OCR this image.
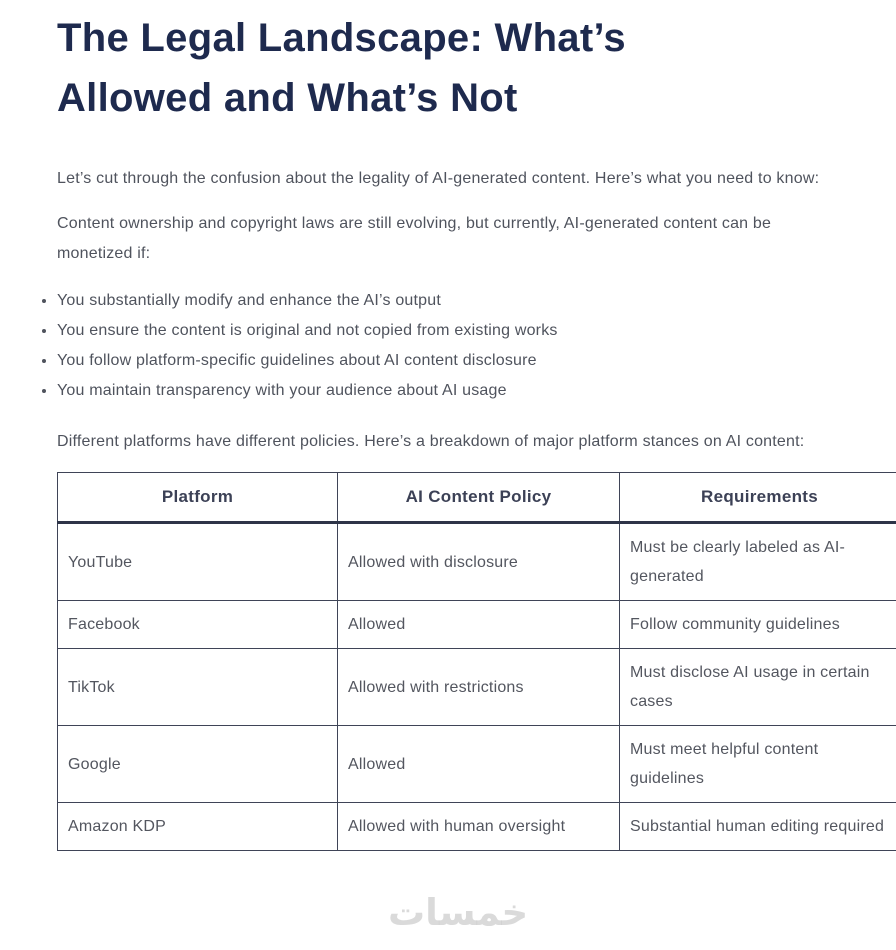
The Legal Landscape: What’s
Allowed and What’s Not

Let’s cut through the confusion about the legality of AI-generated content. Here’s what you need to know:

Content ownership and copyright laws are still evolving, but currently, AI-generated content can be monetized if:

• You substantially modify and enhance the AI’s output
• You ensure the content is original and not copied from existing works
• You follow platform-specific guidelines about AI content disclosure
• You maintain transparency with your audience about AI usage

Different platforms have different policies. Here’s a breakdown of major platform stances on AI content:

Platform	AI Content Policy	Requirements
YouTube	Allowed with disclosure	Must be clearly labeled as AI-generated
Facebook	Allowed	Follow community guidelines
TikTok	Allowed with restrictions	Must disclose AI usage in certain cases
Google	Allowed	Must meet helpful content guidelines
Amazon KDP	Allowed with human oversight	Substantial human editing required
خمسات
